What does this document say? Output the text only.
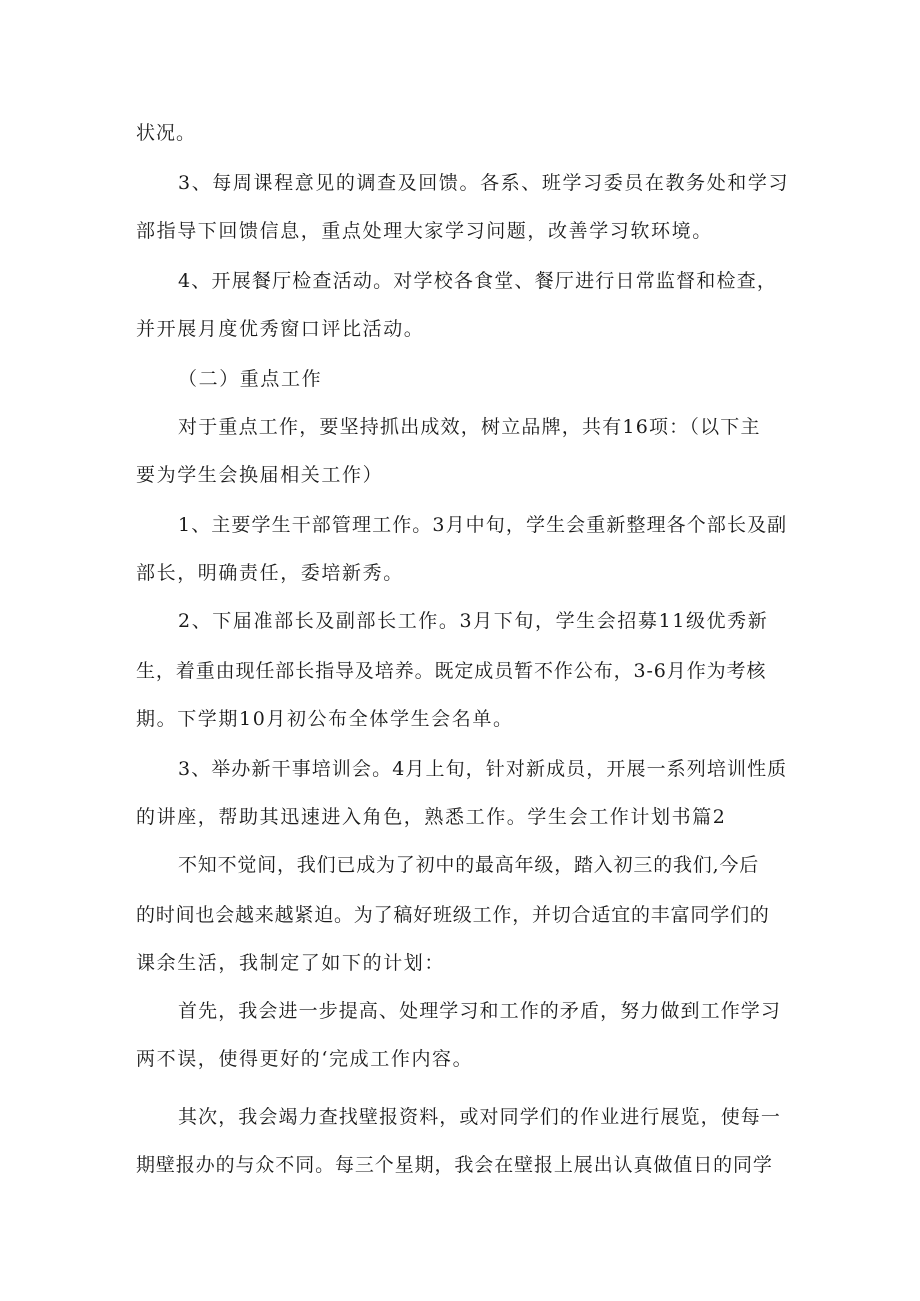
状况。
3、每周课程意见的调查及回馈。各系、班学习委员在教务处和学习
部指导下回馈信息，重点处理大家学习问题，改善学习软环境。
4、开展餐厅检查活动。对学校各食堂、餐厅进行日常监督和检查，
并开展月度优秀窗口评比活动。
（二）重点工作
对于重点工作，要坚持抓出成效，树立品牌，共有16项：（以下主
要为学生会换届相关工作）
1、主要学生干部管理工作。3月中旬，学生会重新整理各个部长及副
部长，明确责任，委培新秀。
2、下届准部长及副部长工作。3月下旬，学生会招募11级优秀新
生，着重由现任部长指导及培养。既定成员暂不作公布，3-6月作为考核
期。下学期10月初公布全体学生会名单。
3、举办新干事培训会。4月上旬，针对新成员，开展一系列培训性质
的讲座，帮助其迅速进入角色，熟悉工作。学生会工作计划书篇2
不知不觉间，我们已成为了初中的最高年级，踏入初三的我们,今后
的时间也会越来越紧迫。为了稿好班级工作，并切合适宜的丰富同学们的
课余生活，我制定了如下的计划：
首先，我会进一步提高、处理学习和工作的矛盾，努力做到工作学习
两不误，使得更好的‘完成工作内容。
其次，我会竭力查找壁报资料，或对同学们的作业进行展览，使每一
期壁报办的与众不同。每三个星期，我会在壁报上展出认真做值日的同学
